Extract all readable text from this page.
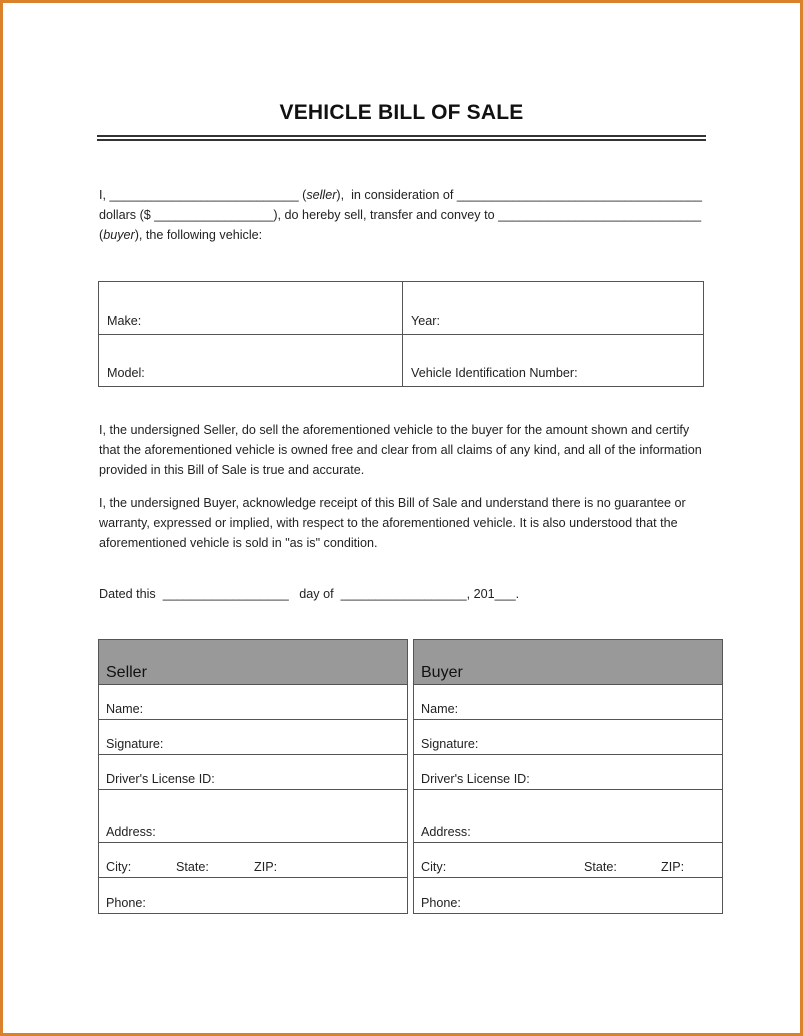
VEHICLE BILL OF SALE
I, ___________________________ (seller),  in consideration of ___________________________________
dollars ($ _________________), do hereby sell, transfer and convey to _____________________________
(buyer), the following vehicle:
Make:	Year:
Model:	Vehicle Identification Number:
I, the undersigned Seller, do sell the aforementioned vehicle to the buyer for the amount shown and certify that the aforementioned vehicle is owned free and clear from all claims of any kind, and all of the information provided in this Bill of Sale is true and accurate.
I, the undersigned Buyer, acknowledge receipt of this Bill of Sale and understand there is no guarantee or warranty, expressed or implied, with respect to the aforementioned vehicle. It is also understood that the aforementioned vehicle is sold in "as is" condition.
Dated this  __________________   day of  __________________, 201___.
Seller
Name:
Signature:
Driver's License ID:
Address:
City:	State:	ZIP:
Phone:
Buyer
Name:
Signature:
Driver's License ID:
Address:
City:	State:	ZIP:
Phone:
